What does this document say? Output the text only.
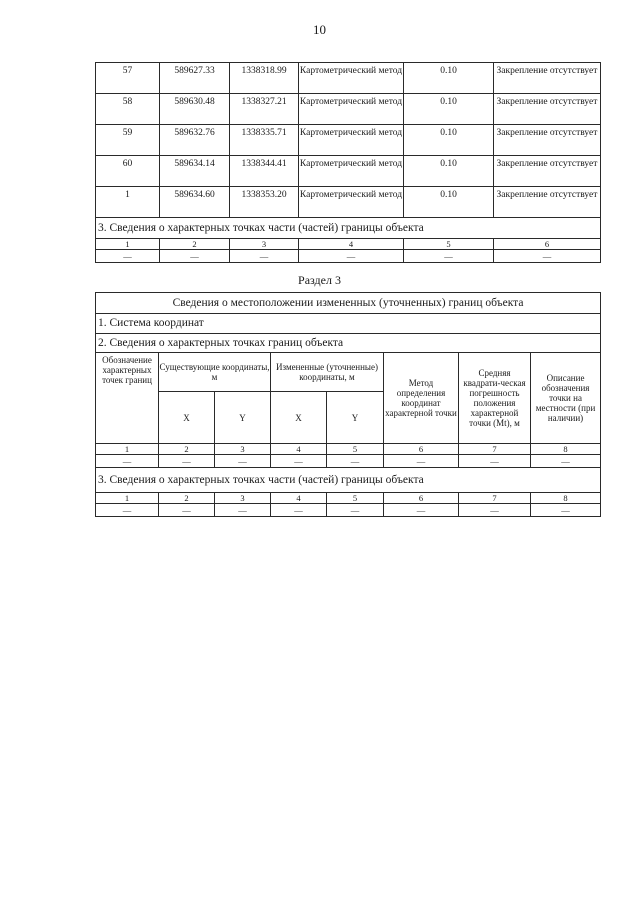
10
57	589627.33	1338318.99	Картометрический метод	0.10	Закрепление отсутствует
58	589630.48	1338327.21	Картометрический метод	0.10	Закрепление отсутствует
59	589632.76	1338335.71	Картометрический метод	0.10	Закрепление отсутствует
60	589634.14	1338344.41	Картометрический метод	0.10	Закрепление отсутствует
1	589634.60	1338353.20	Картометрический метод	0.10	Закрепление отсутствует
3. Сведения о характерных точках части (частей) границы объекта					
1	2	3	4	5	6
—	—	—	—	—	—
Раздел 3
Сведения о местоположении измененных (уточненных) границ объекта							
1. Система координат							
2. Сведения о характерных точках границ объекта							
Обозначение характерных точек границ	Существующие координаты, м		Измененные (уточненные) координаты, м		Метод определения координат характерной точки	Средняя квадрати-ческая погрешность положения характерной точки (Mt), м	Описание обозначения точки на местности (при наличии)
	X	Y	X	Y			
1	2	3	4	5	6	7	8
—	—	—	—	—	—	—	—
3. Сведения о характерных точках части (частей) границы объекта							
1	2	3	4	5	6	7	8
—	—	—	—	—	—	—	—
